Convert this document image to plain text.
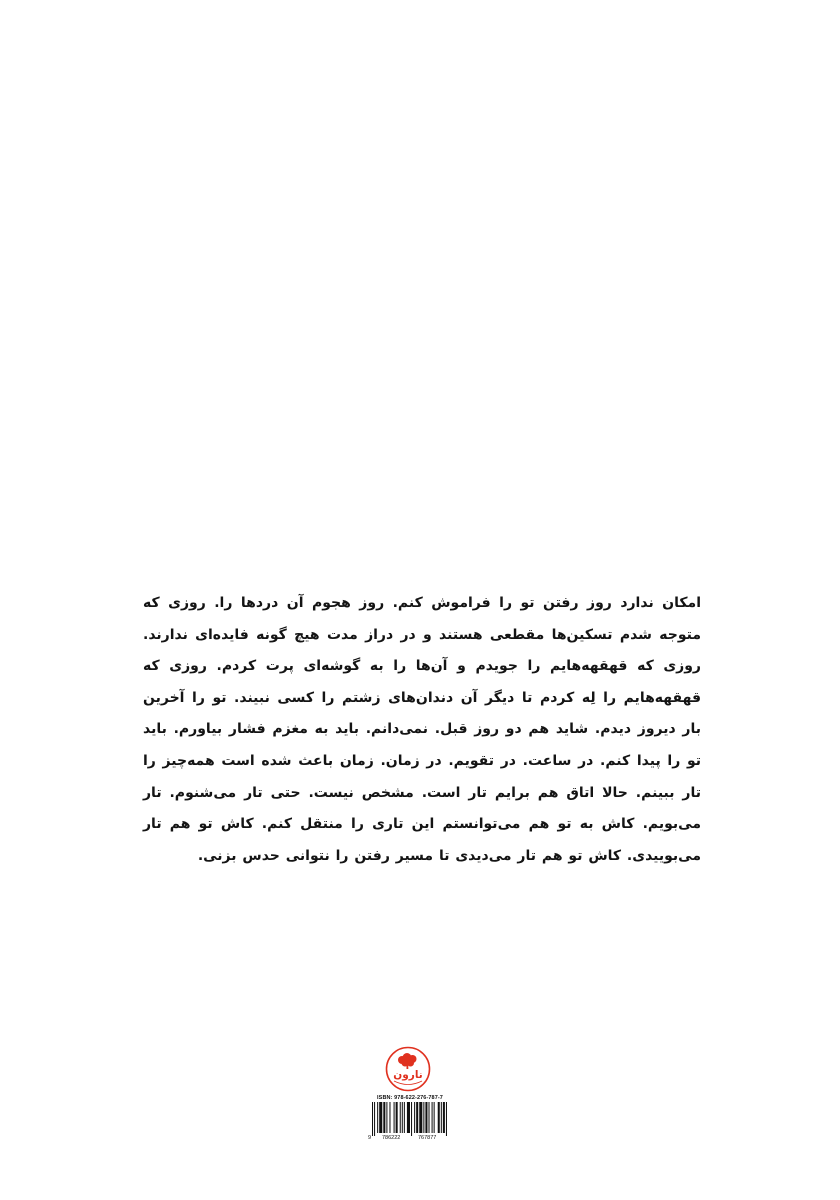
امکان ندارد روز رفتن تو را فراموش کنم. روز هجوم آن دردها را. روزی که متوجه شدم تسکین‌ها مقطعی هستند و در دراز مدت هیچ گونه فایده‌ای ندارند. روزی که قهقهه‌هایم را جویدم و آن‌ها را به گوشه‌ای پرت کردم. روزی که قهقهه‌هایم را لِه کردم تا دیگر آن دندان‌های زشتم را کسی نبیند. تو را آخرین بار دیروز دیدم. شاید هم دو روز قبل. نمی‌دانم. باید به مغزم فشار بیاورم. باید تو را پیدا کنم. در ساعت. در تقویم. در زمان. زمان باعث شده است همه‌چیز را تار ببینم. حالا اتاق هم برایم تار است. مشخص نیست. حتی تار می‌شنوم. تار می‌بویم. کاش به تو هم می‌توانستم این تاری را منتقل کنم. کاش تو هم تار می‌بوییدی. کاش تو هم تار می‌دیدی تا مسیر رفتن را نتوانی حدس بزنی.

نارون
ISBN: 978-622-276-787-7
9 786222	767877
